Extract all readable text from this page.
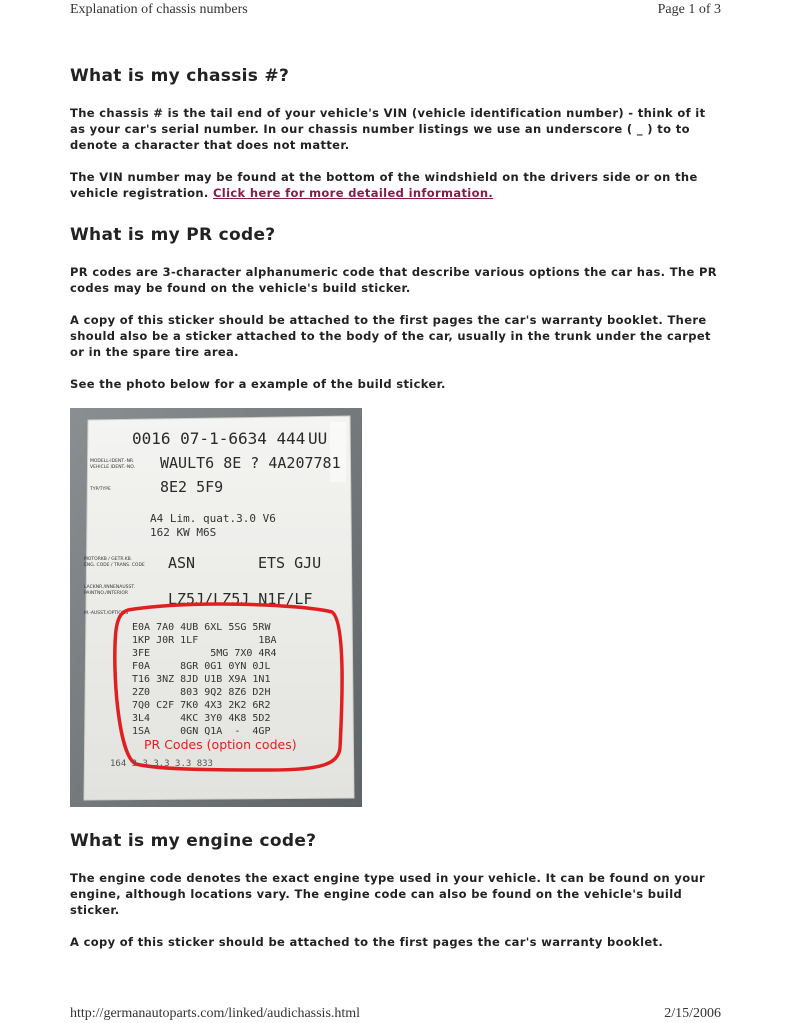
Explanation of chassis numbers	Page 1 of 3
What is my chassis #?

The chassis # is the tail end of your vehicle's VIN (vehicle identification number) - think of it as your car's serial number. In our chassis number listings we use an underscore ( _ ) to to denote a character that does not matter.

The VIN number may be found at the bottom of the windshield on the drivers side or on the vehicle registration. Click here for more detailed information.

What is my PR code?

PR codes are 3-character alphanumeric code that describe various options the car has. The PR codes may be found on the vehicle's build sticker.

A copy of this sticker should be attached to the first pages the car's warranty booklet. There should also be a sticker attached to the body of the car, usually in the trunk under the carpet or in the spare tire area.

See the photo below for a example of the build sticker.

0016 07-1-6634 444 UU
MODELL-IDENT.-NR.
VEHICLE IDENT.-NO. WAULT6 8E ? 4A207781
TYP/TYPE	8E2 5F9
A4 Lim. quat.3.0 V6
162 KW M6S
MOTORKB / GETR.KB.
ENG. CODE / TRANS. CODE ASN	ETS GJU
LACKNR./INNENAUSST.
PAINTNO./INTERIOR	LZ5J/LZ5J N1F/LF
M.-AUSST./OPTIONS
E0A 7A0 4UB 6XL 5SG 5RW
1KP J0R 1LF          1BA
3FE          5MG 7X0 4R4
F0A     8GR 0G1 0YN 0JL
T16 3NZ 8JD U1B X9A 1N1
2Z0     803 9Q2 8Z6 D2H
7Q0 C2F 7K0 4X3 2K2 6R2
3L4     4KC 3Y0 4K8 5D2
1SA     0GN Q1A  -  4GP
PR Codes (option codes)
164 3.3 3.3 3.3 833
What is my engine code?

The engine code denotes the exact engine type used in your vehicle. It can be found on your engine, although locations vary. The engine code can also be found on the vehicle's build sticker.

A copy of this sticker should be attached to the first pages the car's warranty booklet.

http://germanautoparts.com/linked/audichassis.html	2/15/2006
